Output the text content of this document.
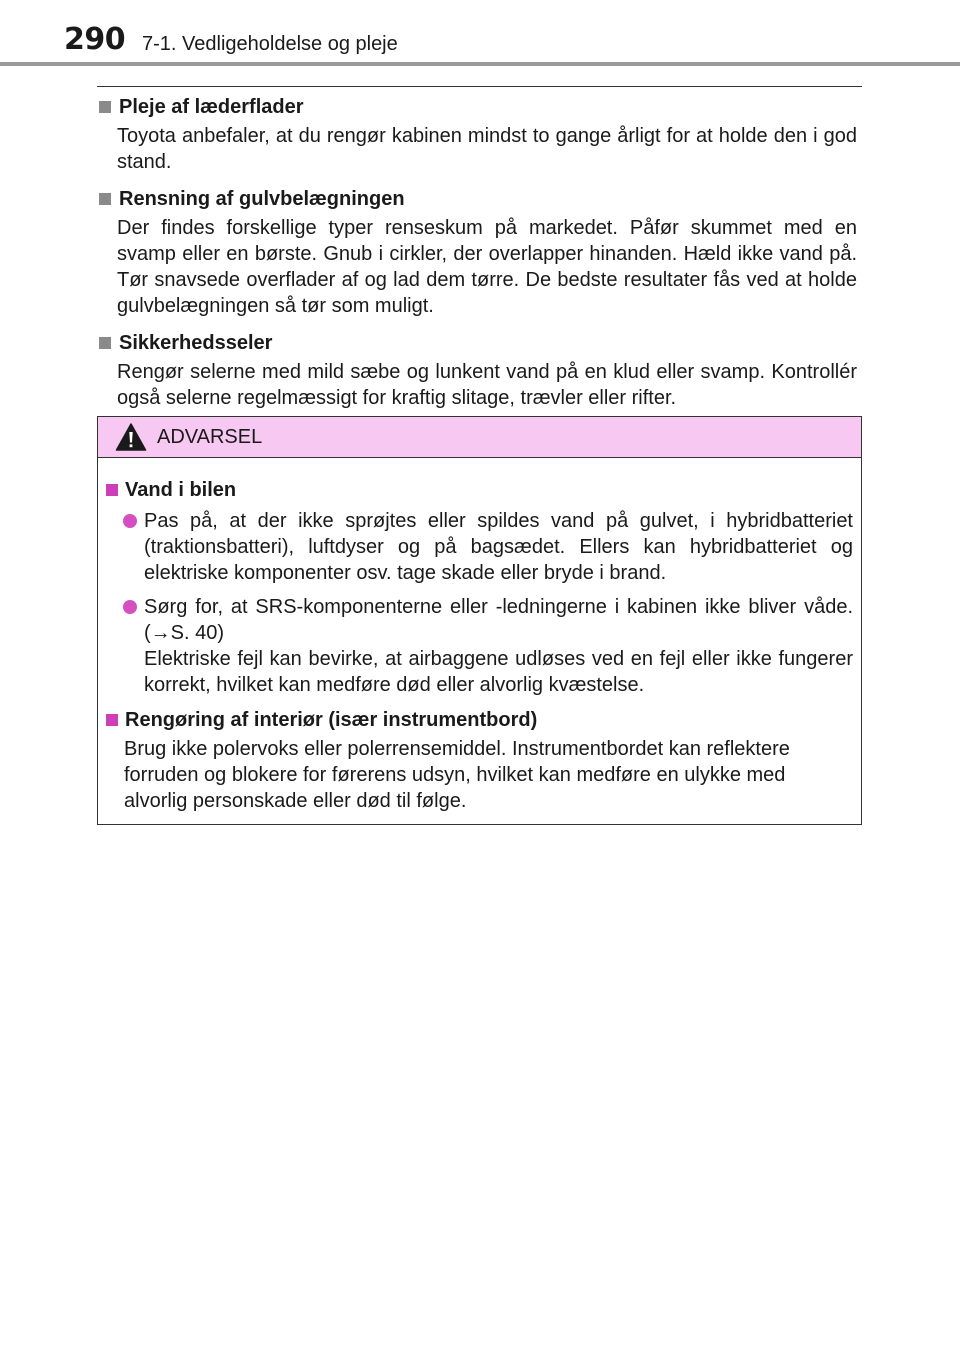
290 7-1. Vedligeholdelse og pleje
Pleje af læderflader
Toyota anbefaler, at du rengør kabinen mindst to gange årligt for at holde den i god stand.
Rensning af gulvbelægningen
Der findes forskellige typer renseskum på markedet. Påfør skummet med en svamp eller en børste. Gnub i cirkler, der overlapper hinanden. Hæld ikke vand på. Tør snavsede overflader af og lad dem tørre. De bedste resultater fås ved at holde gulvbelægningen så tør som muligt.
Sikkerhedsseler
Rengør selerne med mild sæbe og lunkent vand på en klud eller svamp. Kontrollér også selerne regelmæssigt for kraftig slitage, trævler eller rifter.
ADVARSEL
Vand i bilen
Pas på, at der ikke sprøjtes eller spildes vand på gulvet, i hybridbatteriet (traktionsbatteri), luftdyser og på bagsædet. Ellers kan hybridbatteriet og elektriske komponenter osv. tage skade eller bryde i brand.
Sørg for, at SRS-komponenterne eller -ledningerne i kabinen ikke bliver våde. (→S. 40)
Elektriske fejl kan bevirke, at airbaggene udløses ved en fejl eller ikke fungerer korrekt, hvilket kan medføre død eller alvorlig kvæstelse.
Rengøring af interiør (især instrumentbord)
Brug ikke polervoks eller polerrensemiddel. Instrumentbordet kan reflektere forruden og blokere for førerens udsyn, hvilket kan medføre en ulykke med alvorlig personskade eller død til følge.
